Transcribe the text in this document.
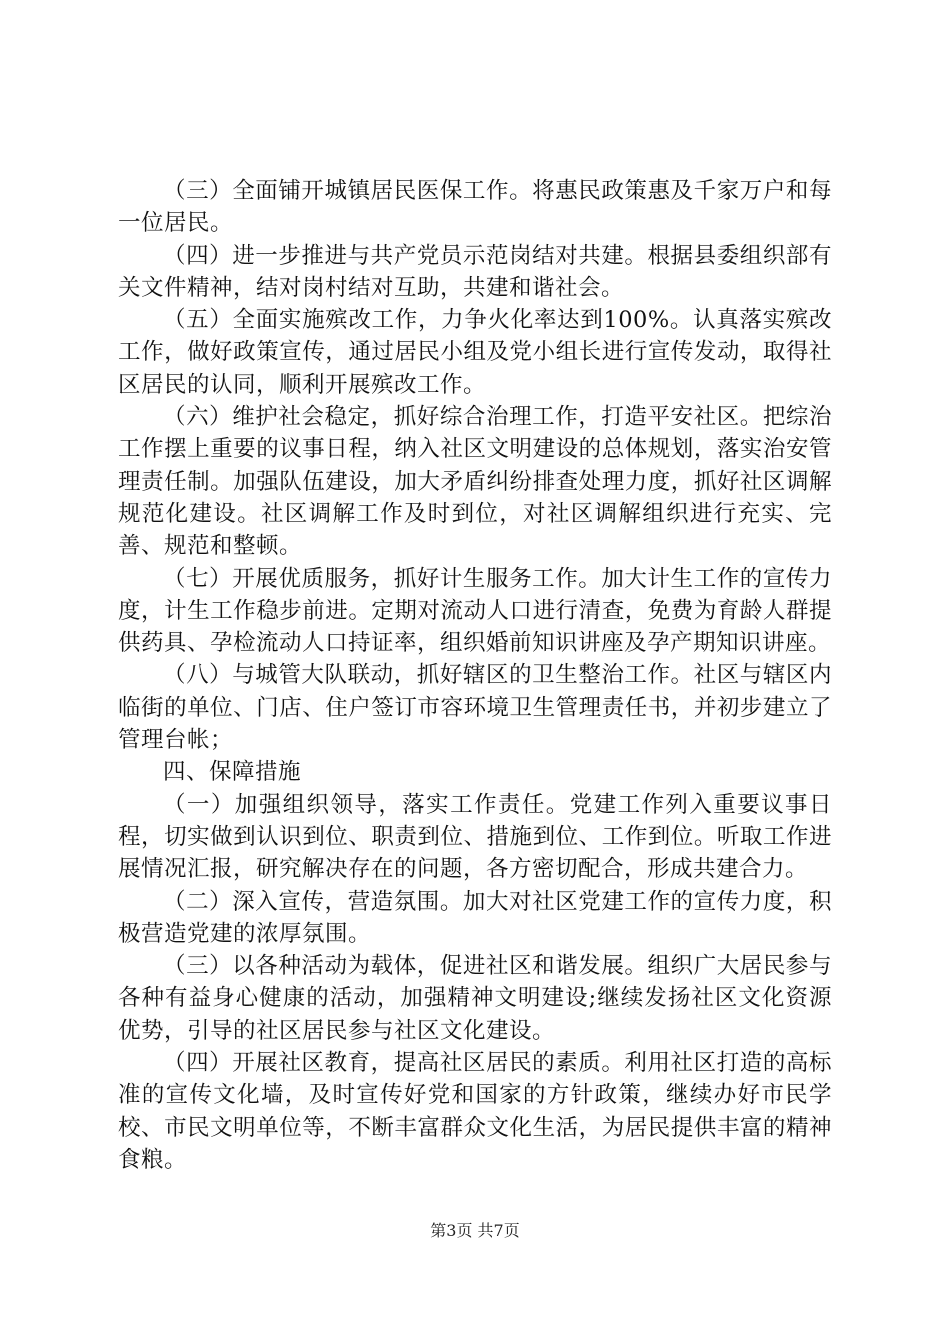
（三）全面铺开城镇居民医保工作。将惠民政策惠及千家万户和每一位居民。

（四）进一步推进与共产党员示范岗结对共建。根据县委组织部有关文件精神，结对岗村结对互助，共建和谐社会。

（五）全面实施殡改工作，力争火化率达到100%。认真落实殡改工作，做好政策宣传，通过居民小组及党小组长进行宣传发动，取得社区居民的认同，顺利开展殡改工作。

（六）维护社会稳定，抓好综合治理工作，打造平安社区。把综治工作摆上重要的议事日程，纳入社区文明建设的总体规划，落实治安管理责任制。加强队伍建设，加大矛盾纠纷排查处理力度，抓好社区调解规范化建设。社区调解工作及时到位，对社区调解组织进行充实、完善、规范和整顿。

（七）开展优质服务，抓好计生服务工作。加大计生工作的宣传力度，计生工作稳步前进。定期对流动人口进行清查，免费为育龄人群提供药具、孕检流动人口持证率，组织婚前知识讲座及孕产期知识讲座。

（八）与城管大队联动，抓好辖区的卫生整治工作。社区与辖区内临街的单位、门店、住户签订市容环境卫生管理责任书，并初步建立了管理台帐；

四、保障措施

（一）加强组织领导，落实工作责任。党建工作列入重要议事日程，切实做到认识到位、职责到位、措施到位、工作到位。听取工作进展情况汇报，研究解决存在的问题，各方密切配合，形成共建合力。

（二）深入宣传，营造氛围。加大对社区党建工作的宣传力度，积极营造党建的浓厚氛围。

（三）以各种活动为载体，促进社区和谐发展。组织广大居民参与各种有益身心健康的活动，加强精神文明建设;继续发扬社区文化资源优势，引导的社区居民参与社区文化建设。

（四）开展社区教育，提高社区居民的素质。利用社区打造的高标准的宣传文化墙，及时宣传好党和国家的方针政策，继续办好市民学校、市民文明单位等，不断丰富群众文化生活，为居民提供丰富的精神食粮。

第3页 共7页
